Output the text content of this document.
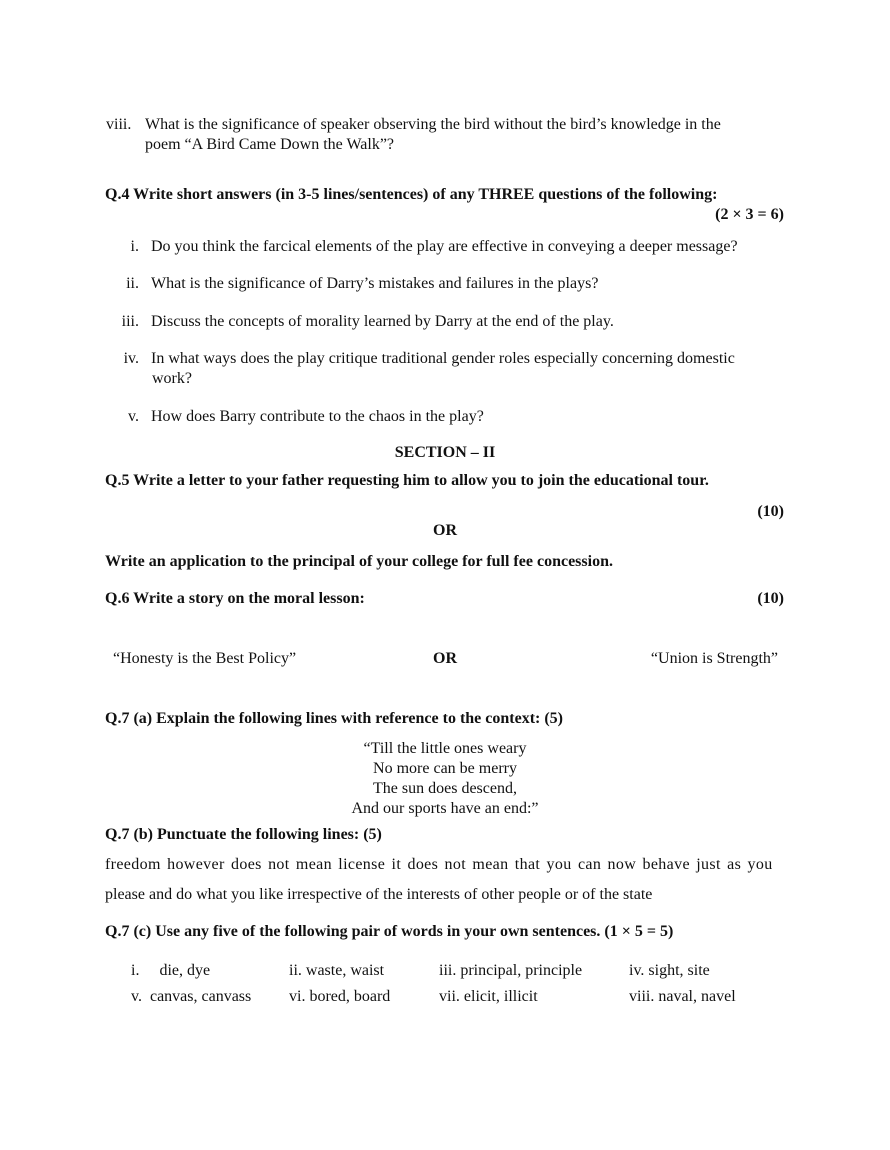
viii. What is the significance of speaker observing the bird without the bird’s knowledge in the
poem “A Bird Came Down the Walk”?
Q.4 Write short answers (in 3-5 lines/sentences) of any THREE questions of the following:
(2 × 3 = 6)
i. Do you think the farcical elements of the play are effective in conveying a deeper message?
ii. What is the significance of Darry’s mistakes and failures in the plays?
iii. Discuss the concepts of morality learned by Darry at the end of the play.
iv. In what ways does the play critique traditional gender roles especially concerning domestic
work?
v. How does Barry contribute to the chaos in the play?
SECTION – II
Q.5 Write a letter to your father requesting him to allow you to join the educational tour.
(10)
OR
Write an application to the principal of your college for full fee concession.
Q.6 Write a story on the moral lesson:	(10)
“Honesty is the Best Policy”	OR	“Union is Strength”
Q.7 (a) Explain the following lines with reference to the context: (5)
“Till the little ones weary
No more can be merry
The sun does descend,
And our sports have an end:”
Q.7 (b) Punctuate the following lines: (5)
freedom however does not mean license it does not mean that you can now behave just as you
please and do what you like irrespective of the interests of other people or of the state
Q.7 (c) Use any five of the following pair of words in your own sentences. (1 × 5 = 5)
i.     die, dye	ii. waste, waist	iii. principal, principle	iv. sight, site
v.  canvas, canvass vi. bored, board	vii. elicit, illicit	viii. naval, navel
